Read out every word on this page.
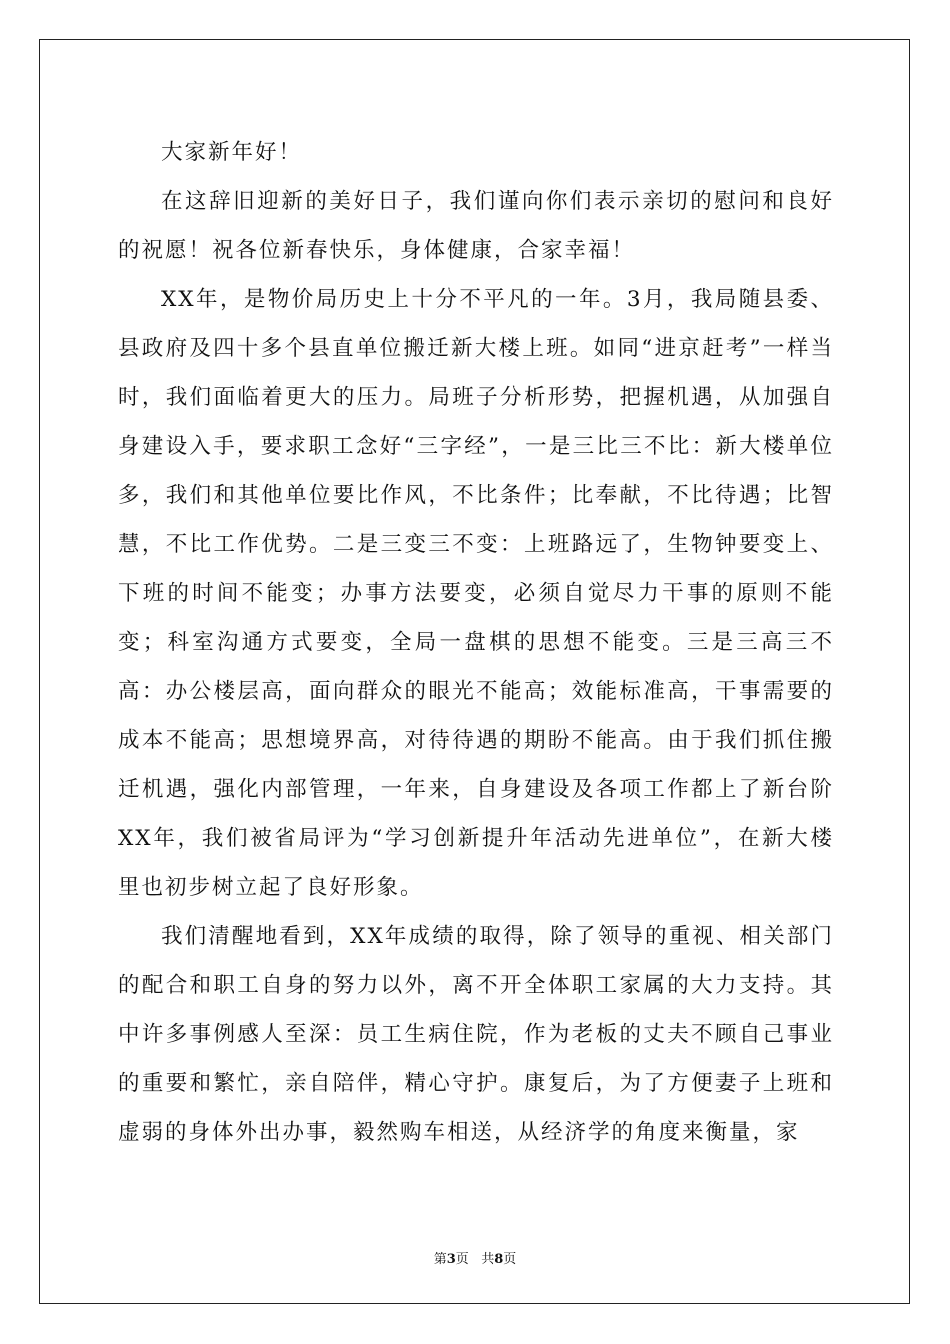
大家新年好！

在这辞旧迎新的美好日子，我们谨向你们表示亲切的慰问和良好的祝愿！祝各位新春快乐，身体健康，合家幸福！

XX年，是物价局历史上十分不平凡的一年。3月，我局随县委、县政府及四十多个县直单位搬迁新大楼上班。如同“进京赶考”一样当时，我们面临着更大的压力。局班子分析形势，把握机遇，从加强自身建设入手，要求职工念好“三字经”，一是三比三不比：新大楼单位多，我们和其他单位要比作风，不比条件；比奉献，不比待遇；比智慧，不比工作优势。二是三变三不变：上班路远了，生物钟要变上、下班的时间不能变；办事方法要变，必须自觉尽力干事的原则不能变；科室沟通方式要变，全局一盘棋的思想不能变。三是三高三不高：办公楼层高，面向群众的眼光不能高；效能标准高，干事需要的成本不能高；思想境界高，对待待遇的期盼不能高。由于我们抓住搬迁机遇，强化内部管理，一年来，自身建设及各项工作都上了新台阶XX年，我们被省局评为“学习创新提升年活动先进单位”，在新大楼里也初步树立起了良好形象。

我们清醒地看到，XX年成绩的取得，除了领导的重视、相关部门的配合和职工自身的努力以外，离不开全体职工家属的大力支持。其中许多事例感人至深：员工生病住院，作为老板的丈夫不顾自己事业的重要和繁忙，亲自陪伴，精心守护。康复后，为了方便妻子上班和虚弱的身体外出办事，毅然购车相送，从经济学的角度来衡量，家

第3页 共8页
